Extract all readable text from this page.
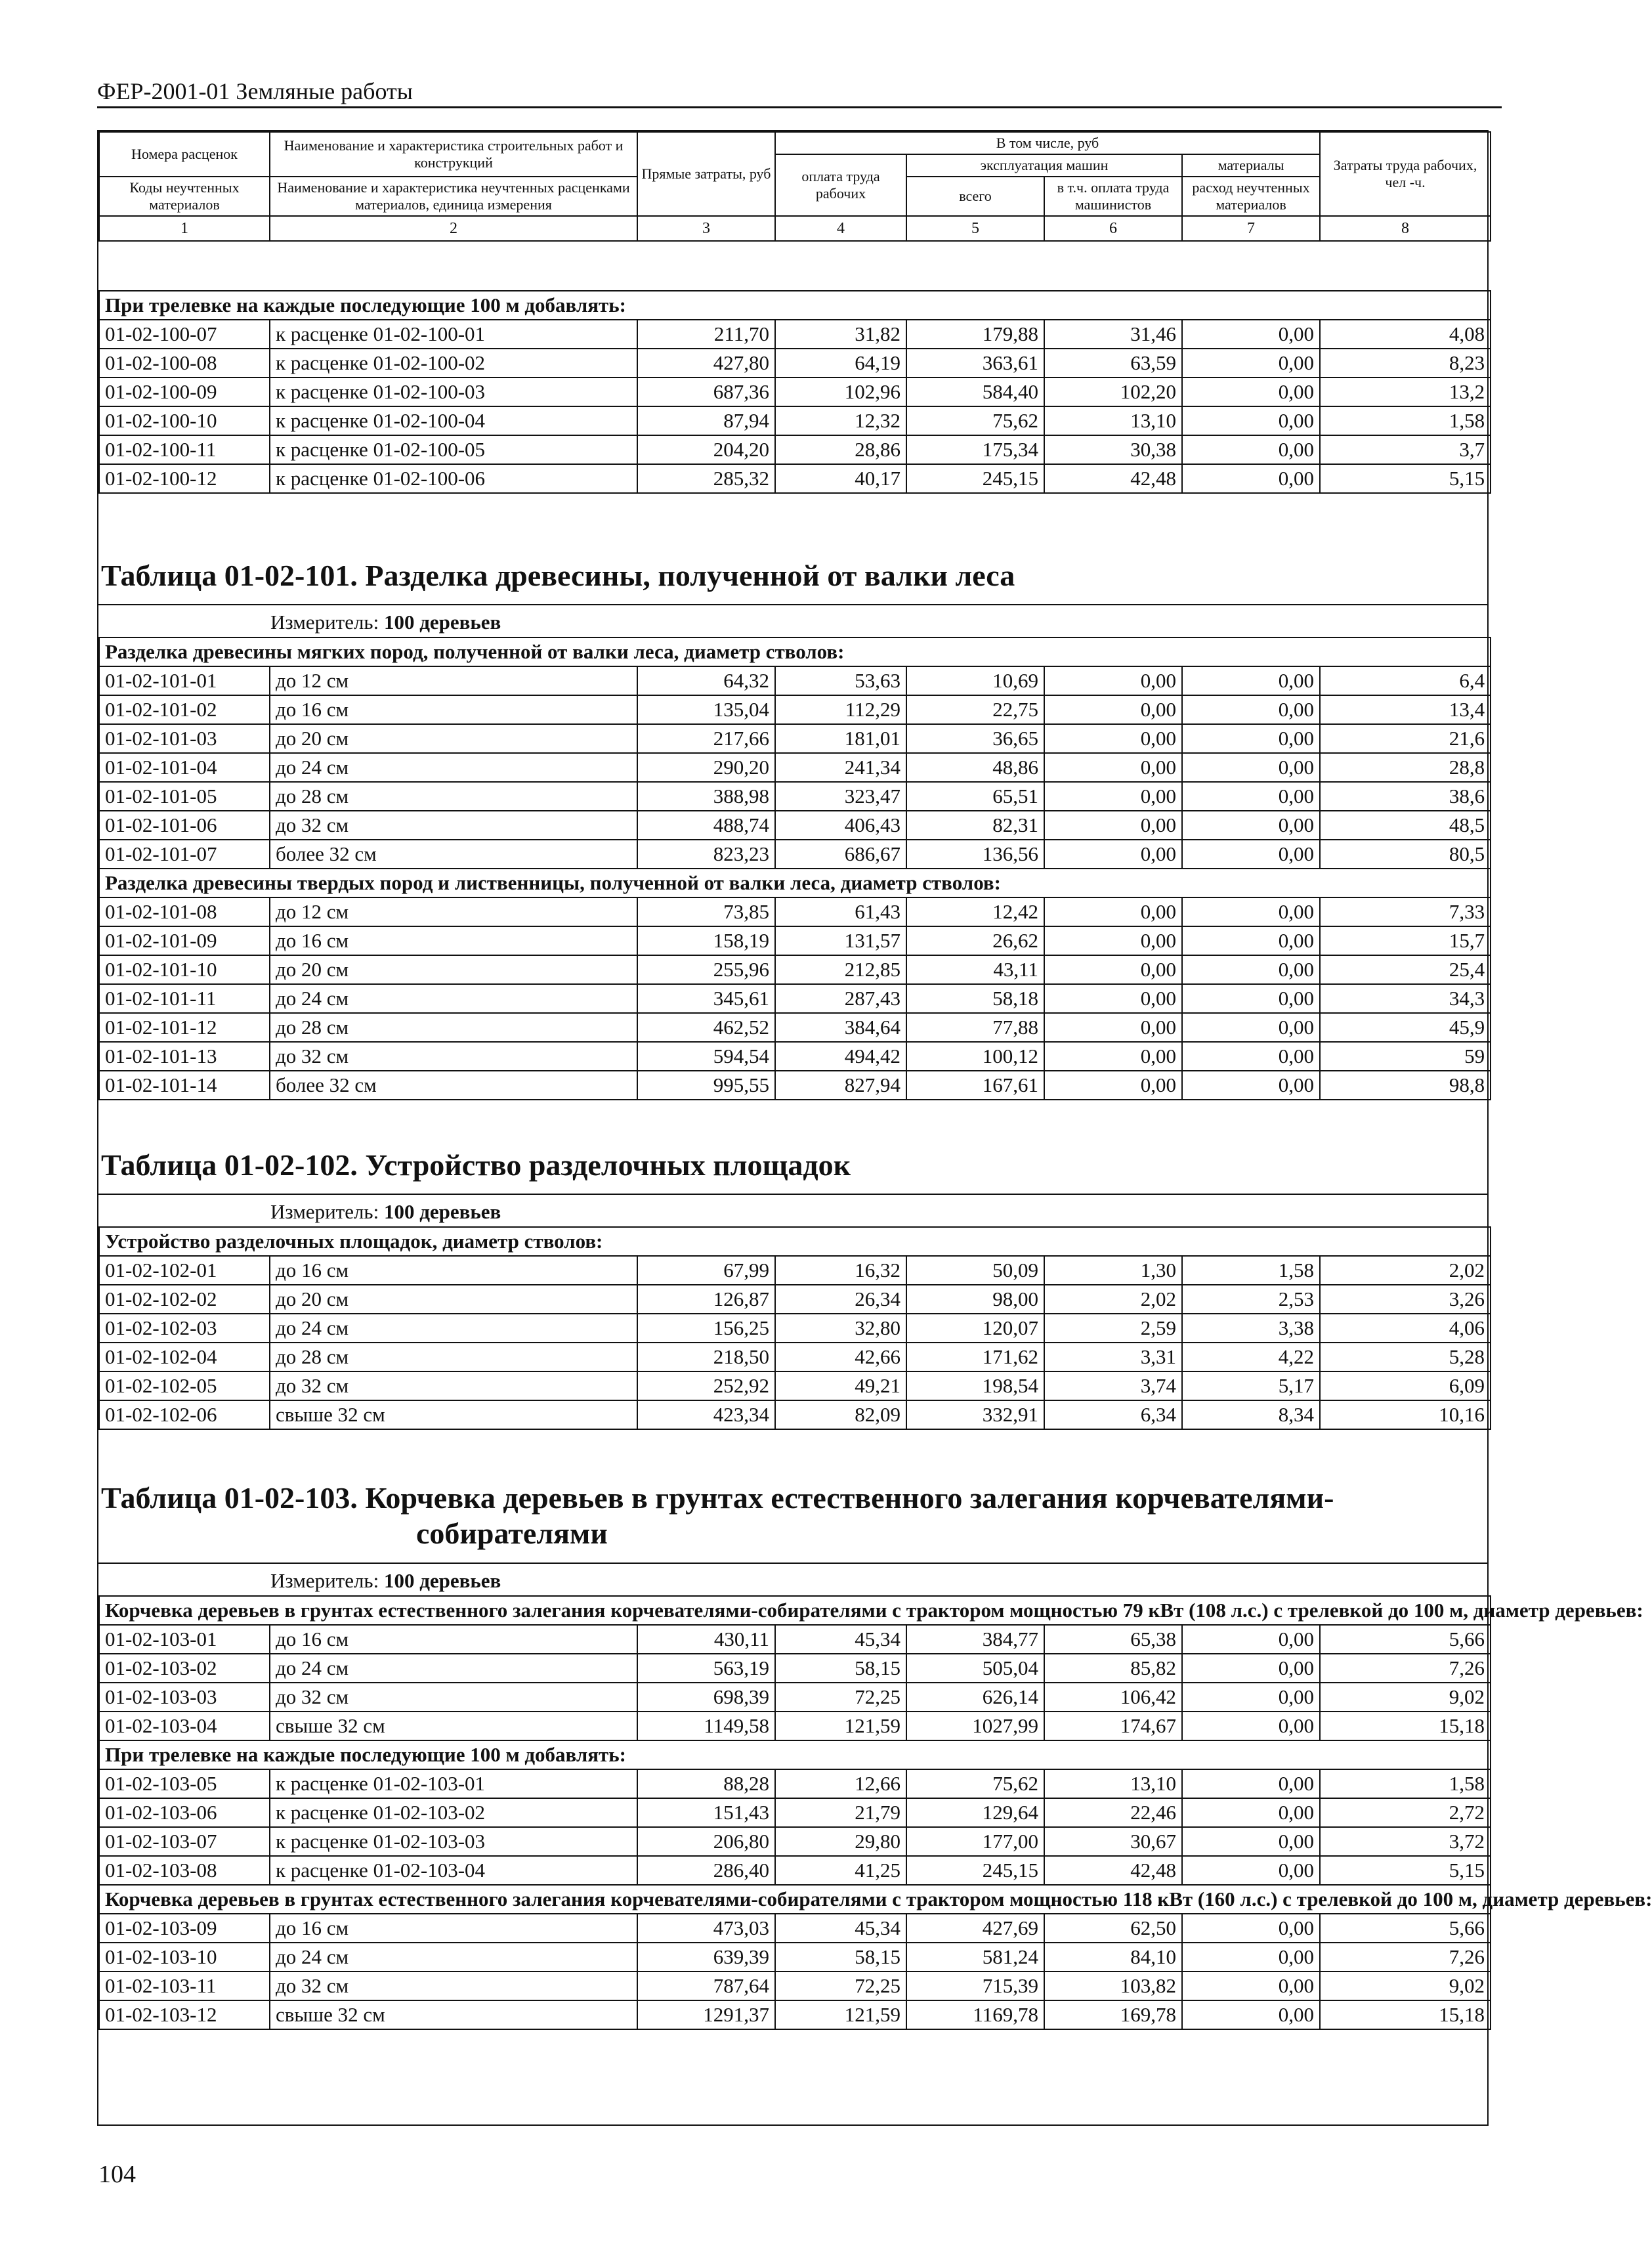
ФЕР-2001-01 Земляные работы
Номера расценок	Наименование и характеристика строительных работ и конструкций	Прямые затраты, руб	В том числе, руб				Затраты труда рабочих, чел -ч.
			оплата труда рабочих	эксплуатация машин		материалы	
Коды неучтенных материалов	Наименование и характеристика неучтенных расценками материалов, единица измерения			всего	в т.ч. оплата труда машинистов	расход неучтенных материалов	

1	2	3	4	5	6	7	8
При трелевке на каждые последующие 100 м добавлять:							
01-02-100-07	к расценке 01-02-100-01	211,70	31,82	179,88	31,46	0,00	4,08
01-02-100-08	к расценке 01-02-100-02	427,80	64,19	363,61	63,59	0,00	8,23
01-02-100-09	к расценке 01-02-100-03	687,36	102,96	584,40	102,20	0,00	13,2
01-02-100-10	к расценке 01-02-100-04	87,94	12,32	75,62	13,10	0,00	1,58
01-02-100-11	к расценке 01-02-100-05	204,20	28,86	175,34	30,38	0,00	3,7
01-02-100-12	к расценке 01-02-100-06	285,32	40,17	245,15	42,48	0,00	5,15
Таблица 01-02-101. Разделка древесины, полученной от валки леса
Измеритель: 100 деревьев
Разделка древесины мягких пород, полученной от валки леса, диаметр стволов:							
01-02-101-01	до 12 см	64,32	53,63	10,69	0,00	0,00	6,4
01-02-101-02	до 16 см	135,04	112,29	22,75	0,00	0,00	13,4
01-02-101-03	до 20 см	217,66	181,01	36,65	0,00	0,00	21,6
01-02-101-04	до 24 см	290,20	241,34	48,86	0,00	0,00	28,8
01-02-101-05	до 28 см	388,98	323,47	65,51	0,00	0,00	38,6
01-02-101-06	до 32 см	488,74	406,43	82,31	0,00	0,00	48,5
01-02-101-07	более 32 см	823,23	686,67	136,56	0,00	0,00	80,5
Разделка древесины твердых пород и лиственницы, полученной от валки леса, диаметр стволов:							
01-02-101-08	до 12 см	73,85	61,43	12,42	0,00	0,00	7,33
01-02-101-09	до 16 см	158,19	131,57	26,62	0,00	0,00	15,7
01-02-101-10	до 20 см	255,96	212,85	43,11	0,00	0,00	25,4
01-02-101-11	до 24 см	345,61	287,43	58,18	0,00	0,00	34,3
01-02-101-12	до 28 см	462,52	384,64	77,88	0,00	0,00	45,9
01-02-101-13	до 32 см	594,54	494,42	100,12	0,00	0,00	59
01-02-101-14	более 32 см	995,55	827,94	167,61	0,00	0,00	98,8
Таблица 01-02-102. Устройство разделочных площадок
Измеритель: 100 деревьев
Устройство разделочных площадок, диаметр стволов:							
01-02-102-01	до 16 см	67,99	16,32	50,09	1,30	1,58	2,02
01-02-102-02	до 20 см	126,87	26,34	98,00	2,02	2,53	3,26
01-02-102-03	до 24 см	156,25	32,80	120,07	2,59	3,38	4,06
01-02-102-04	до 28 см	218,50	42,66	171,62	3,31	4,22	5,28
01-02-102-05	до 32 см	252,92	49,21	198,54	3,74	5,17	6,09
01-02-102-06	свыше 32 см	423,34	82,09	332,91	6,34	8,34	10,16
Таблица 01-02-103. Корчевка деревьев в грунтах естественного залегания корчевателями-
собирателями
Измеритель: 100 деревьев
Корчевка деревьев в грунтах естественного залегания корчевателями-собирателями с трактором мощностью 79 кВт (108 л.с.) с трелевкой до 100 м, диаметр деревьев:							
01-02-103-01	до 16 см	430,11	45,34	384,77	65,38	0,00	5,66
01-02-103-02	до 24 см	563,19	58,15	505,04	85,82	0,00	7,26
01-02-103-03	до 32 см	698,39	72,25	626,14	106,42	0,00	9,02
01-02-103-04	свыше 32 см	1149,58	121,59	1027,99	174,67	0,00	15,18
При трелевке на каждые последующие 100 м добавлять:							
01-02-103-05	к расценке 01-02-103-01	88,28	12,66	75,62	13,10	0,00	1,58
01-02-103-06	к расценке 01-02-103-02	151,43	21,79	129,64	22,46	0,00	2,72
01-02-103-07	к расценке 01-02-103-03	206,80	29,80	177,00	30,67	0,00	3,72
01-02-103-08	к расценке 01-02-103-04	286,40	41,25	245,15	42,48	0,00	5,15
Корчевка деревьев в грунтах естественного залегания корчевателями-собирателями с трактором мощностью 118 кВт (160 л.с.) с трелевкой до 100 м, диаметр деревьев:							
01-02-103-09	до 16 см	473,03	45,34	427,69	62,50	0,00	5,66
01-02-103-10	до 24 см	639,39	58,15	581,24	84,10	0,00	7,26
01-02-103-11	до 32 см	787,64	72,25	715,39	103,82	0,00	9,02
01-02-103-12	свыше 32 см	1291,37	121,59	1169,78	169,78	0,00	15,18
104
